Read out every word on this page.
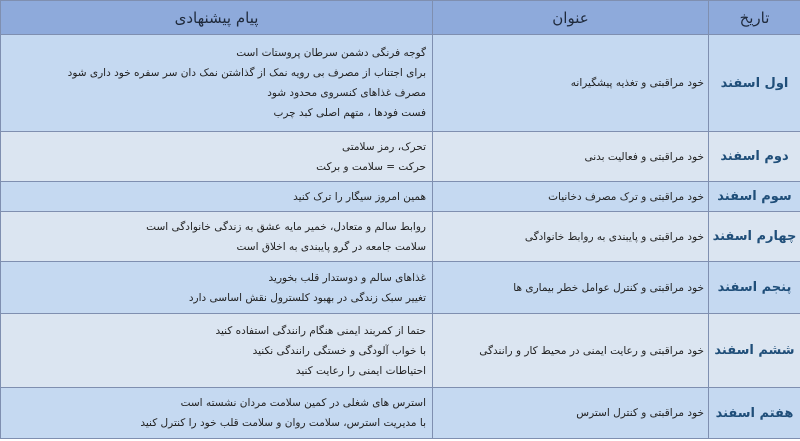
تاریخ	عنوان	پیام پیشنهادی
اول اسفند	خود مراقبتی و تغذیه پیشگیرانه	گوجه فرنگی دشمن سرطان پروستات است
برای اجتناب از مصرف بی رویه نمک از گذاشتن نمک دان سر سفره خود داری شود
مصرف غذاهای کنسروی محدود شود
فست فودها ، متهم اصلی کبد چرب

دوم اسفند	خود مراقبتی و فعالیت بدنی	تحرک، رمز سلامتی
حرکت = سلامت و برکت

سوم اسفند	خود مراقبتی و ترک مصرف دخانیات	همین امروز سیگار را ترک کنید

چهارم اسفند	خود مراقبتی و پایبندی به روابط خانوادگی	روابط سالم و متعادل، خمیر مایه عشق به زندگی خانوادگی است
سلامت جامعه در گرو پایبندی به اخلاق است

پنجم اسفند	خود مراقبتی و کنترل عوامل خطر بیماری ها	غذاهای سالم و دوستدار قلب بخورید
تغییر سبک زندگی در بهبود کلسترول نقش اساسی دارد

ششم اسفند	خود مراقبتی و رعایت ایمنی در محیط کار و رانندگی	حتما از کمربند ایمنی هنگام رانندگی استفاده کنید
با خواب آلودگی و خستگی رانندگی نکنید
احتیاطات ایمنی را رعایت کنید

هفتم اسفند	خود مراقبتی و کنترل استرس	استرس های شغلی در کمین سلامت مردان نشسته است
با مدیریت استرس، سلامت روان و سلامت قلب خود را کنترل کنید
